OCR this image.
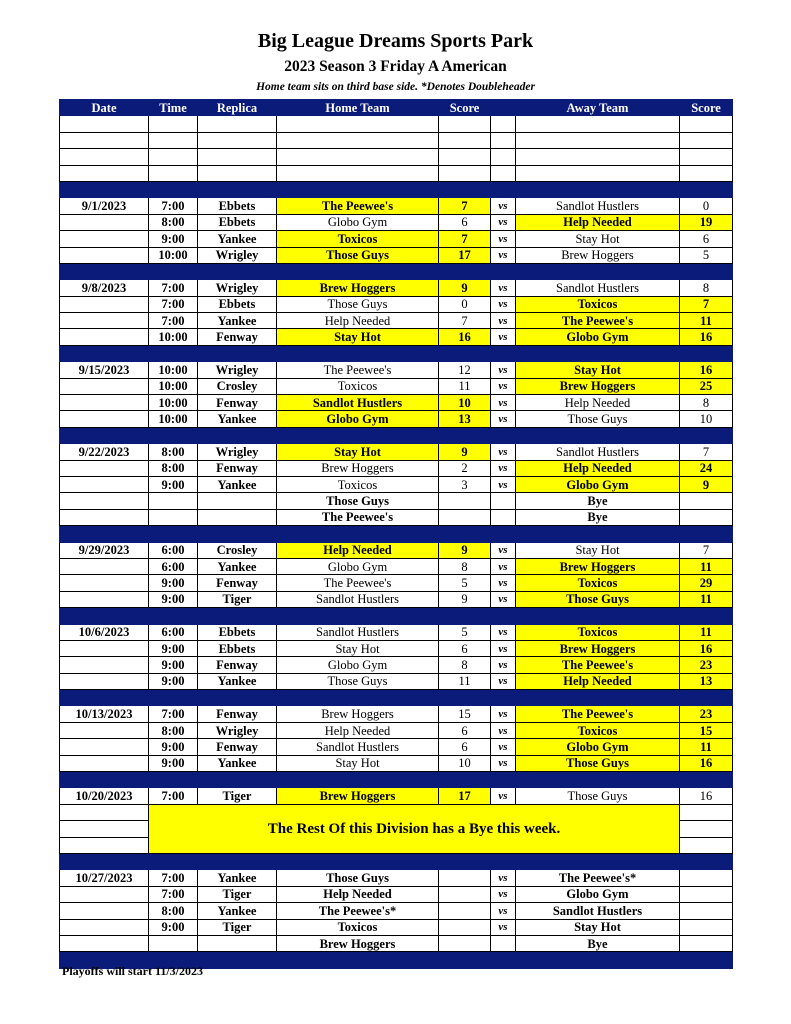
Big League Dreams Sports Park
2023 Season 3 Friday A American
Home team sits on third base side. *Denotes Doubleheader
Date	Time	Replica	Home Team	Score		Away Team	Score

9/1/2023	7:00	Ebbets	The Peewee's	7	vs	Sandlot Hustlers	0
	8:00	Ebbets	Globo Gym	6	vs	Help Needed	19
	9:00	Yankee	Toxicos	7	vs	Stay Hot	6
	10:00	Wrigley	Those Guys	17	vs	Brew Hoggers	5

9/8/2023	7:00	Wrigley	Brew Hoggers	9	vs	Sandlot Hustlers	8
	7:00	Ebbets	Those Guys	0	vs	Toxicos	7
	7:00	Yankee	Help Needed	7	vs	The Peewee's	11
	10:00	Fenway	Stay Hot	16	vs	Globo Gym	16

9/15/2023	10:00	Wrigley	The Peewee's	12	vs	Stay Hot	16
	10:00	Crosley	Toxicos	11	vs	Brew Hoggers	25
	10:00	Fenway	Sandlot Hustlers	10	vs	Help Needed	8
	10:00	Yankee	Globo Gym	13	vs	Those Guys	10

9/22/2023	8:00	Wrigley	Stay Hot	9	vs	Sandlot Hustlers	7
	8:00	Fenway	Brew Hoggers	2	vs	Help Needed	24
	9:00	Yankee	Toxicos	3	vs	Globo Gym	9
			Those Guys			Bye	
			The Peewee's			Bye	

9/29/2023	6:00	Crosley	Help Needed	9	vs	Stay Hot	7
	6:00	Yankee	Globo Gym	8	vs	Brew Hoggers	11
	9:00	Fenway	The Peewee's	5	vs	Toxicos	29
	9:00	Tiger	Sandlot Hustlers	9	vs	Those Guys	11

10/6/2023	6:00	Ebbets	Sandlot Hustlers	5	vs	Toxicos	11
	9:00	Ebbets	Stay Hot	6	vs	Brew Hoggers	16
	9:00	Fenway	Globo Gym	8	vs	The Peewee's	23
	9:00	Yankee	Those Guys	11	vs	Help Needed	13

10/13/2023	7:00	Fenway	Brew Hoggers	15	vs	The Peewee's	23
	8:00	Wrigley	Help Needed	6	vs	Toxicos	15
	9:00	Fenway	Sandlot Hustlers	6	vs	Globo Gym	11
	9:00	Yankee	Stay Hot	10	vs	Those Guys	16

10/20/2023	7:00	Tiger	Brew Hoggers	17	vs	Those Guys	16
	The Rest Of this Division has a Bye this week.						

10/27/2023	7:00	Yankee	Those Guys		vs	The Peewee's*	
	7:00	Tiger	Help Needed		vs	Globo Gym	
	8:00	Yankee	The Peewee's*		vs	Sandlot Hustlers	
	9:00	Tiger	Toxicos		vs	Stay Hot	
			Brew Hoggers			Bye	

Playoffs will start 11/3/2023
